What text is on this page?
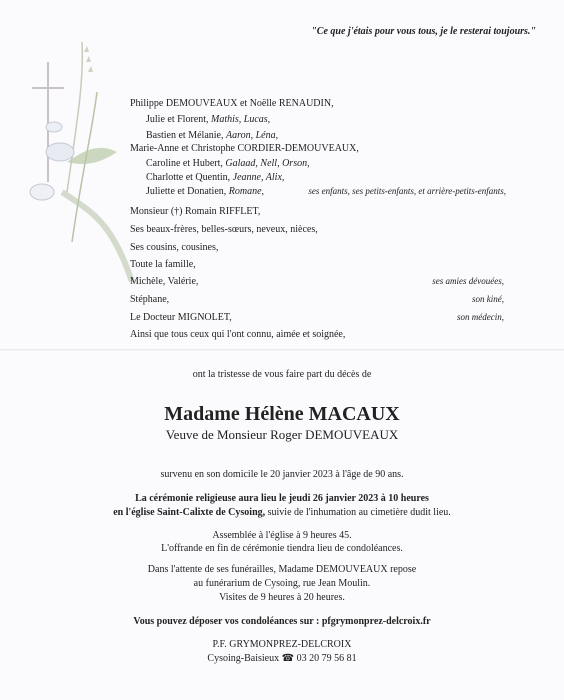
"Ce que j'étais pour vous tous, je le resterai toujours."
Philippe DEMOUVEAUX et Noëlle RENAUDIN,
Julie et Florent, Mathis, Lucas,
Bastien et Mélanie, Aaron, Léna,
Marie-Anne et Christophe CORDIER-DEMOUVEAUX,
Caroline et Hubert, Galaad, Nell, Orson,
Charlotte et Quentin, Jeanne, Alix,
Juliette et Donatien, Romane,	ses enfants, ses petits-enfants, et arrière-petits-enfants,
Monsieur (†) Romain RIFFLET,
Ses beaux-frères, belles-sœurs, neveux, nièces,
Ses cousins, cousines,
Toute la famille,
Michèle, Valérie,	ses amies dévouées,
Stéphane,	son kiné,
Le Docteur MIGNOLET,	son médecin,
Ainsi que tous ceux qui l'ont connu, aimée et soignée,
ont la tristesse de vous faire part du décès de
Madame Hélène MACAUX
Veuve de Monsieur Roger DEMOUVEAUX
survenu en son domicile le 20 janvier 2023 à l'âge de 90 ans.
La cérémonie religieuse aura lieu le jeudi 26 janvier 2023 à 10 heures
en l'église Saint-Calixte de Cysoing, suivie de l'inhumation au cimetière dudit lieu.
Assemblée à l'église à 9 heures 45.
L'offrande en fin de cérémonie tiendra lieu de condoléances.
Dans l'attente de ses funérailles, Madame DEMOUVEAUX repose
au funérarium de Cysoing, rue Jean Moulin.
Visites de 9 heures à 20 heures.
Vous pouvez déposer vos condoléances sur : pfgrymonprez-delcroix.fr
P.F. GRYMONPREZ-DELCROIX
Cysoing-Baisieux ☎ 03 20 79 56 81
